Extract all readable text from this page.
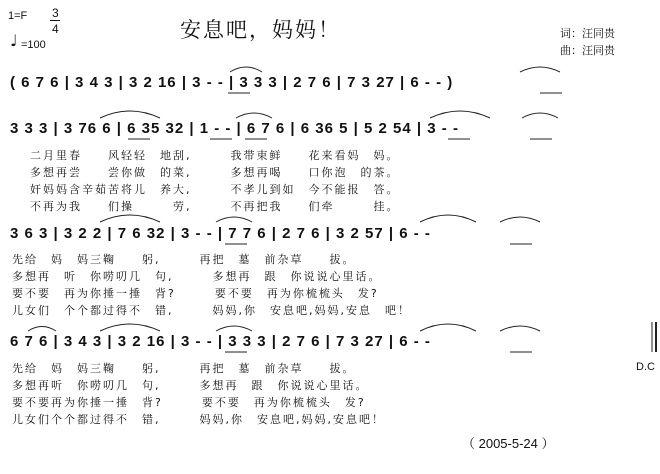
1=F 3
4
♩ =100
安息吧，妈妈！	词：汪同贵
曲：汪同贵
( 6 7 6 | 3 4 3 | 3 2 16 | 3 - - | 3 3 3 | 2 7 6 | 7 3 27 | 6 - - )
3 3 3 | 3 76 6 | 6 35 32 | 1 - - | 6 7 6 | 6 36 5 | 5 2 54 | 3 - -
二月里春　　风轻轻　地刮,　　　我带束鲜　　花来看妈　妈。
多想再尝　　尝你做　的菜,　　　多想再喝　　口你泡　的茶。
奸妈妈含辛茹苦将儿　养大,　　　不孝儿到如　今不能报　答。
不再为我　　们操　　　劳,　　　不再把我　　们牵　　　挂。
3 6 3 | 3 2 2 | 7 6 32 | 3 - - | 7 7 6 | 2 7 6 | 3 2 57 | 6 - -
先给　妈　妈三鞠　　躬,　　　再把　墓　前杂草　　拔。
多想再　听　你唠叨几　句,　　　多想再　跟　你说说心里话。
要不要　再为你捶一捶　背?　　　要不要　再为你梳梳头　发?
儿女们　个个都过得不　错,　　　妈妈,你　安息吧,妈妈,安息　吧！
6 7 6 | 3 4 3 | 3 2 16 | 3 - - | 3 3 3 | 2 7 6 | 7 3 27 | 6 - -
先给　妈　妈三鞠　　躬,　　　再把　墓　前杂草　　拔。
多想再听　你唠叨几　句,　　　多想再　跟　你说说心里话。
要不要再为你捶一捶　背?　　　要不要　再为你梳梳头　发?
儿女们个个都过得不　错,　　　妈妈,你　安息吧,妈妈,安息吧！
D.C
（ 2005-5-24 ）
